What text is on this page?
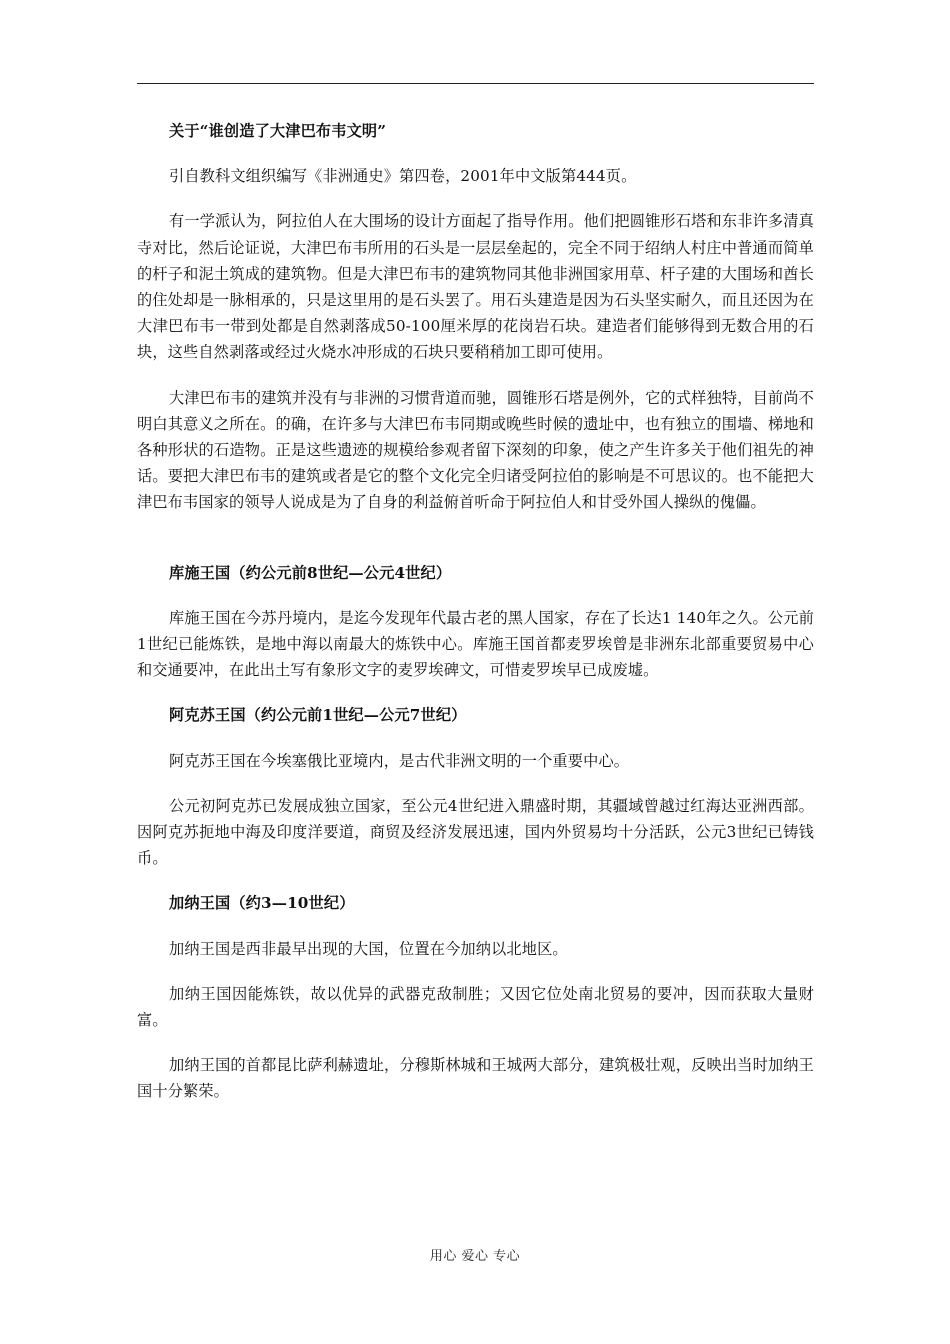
关于“谁创造了大津巴布韦文明”
引自教科文组织编写《非洲通史》第四卷，2001年中文版第444页。
有一学派认为，阿拉伯人在大围场的设计方面起了指导作用。他们把圆锥形石塔和东非许多清真寺对比，然后论证说，大津巴布韦所用的石头是一层层垒起的，完全不同于绍纳人村庄中普通而简单的杆子和泥土筑成的建筑物。但是大津巴布韦的建筑物同其他非洲国家用草、杆子建的大围场和酋长的住处却是一脉相承的，只是这里用的是石头罢了。用石头建造是因为石头坚实耐久，而且还因为在大津巴布韦一带到处都是自然剥落成50-100厘米厚的花岗岩石块。建造者们能够得到无数合用的石块，这些自然剥落或经过火烧水冲形成的石块只要稍稍加工即可使用。
大津巴布韦的建筑并没有与非洲的习惯背道而驰，圆锥形石塔是例外，它的式样独特，目前尚不明白其意义之所在。的确，在许多与大津巴布韦同期或晚些时候的遗址中，也有独立的围墙、梯地和各种形状的石造物。正是这些遗迹的规模给参观者留下深刻的印象，使之产生许多关于他们祖先的神话。要把大津巴布韦的建筑或者是它的整个文化完全归诸受阿拉伯的影响是不可思议的。也不能把大津巴布韦国家的领导人说成是为了自身的利益俯首听命于阿拉伯人和甘受外国人操纵的傀儡。
库施王国（约公元前8世纪—公元4世纪）
库施王国在今苏丹境内，是迄今发现年代最古老的黑人国家，存在了长达1 140年之久。公元前1世纪已能炼铁，是地中海以南最大的炼铁中心。库施王国首都麦罗埃曾是非洲东北部重要贸易中心和交通要冲，在此出土写有象形文字的麦罗埃碑文，可惜麦罗埃早已成废墟。
阿克苏王国（约公元前1世纪—公元7世纪）
阿克苏王国在今埃塞俄比亚境内，是古代非洲文明的一个重要中心。
公元初阿克苏已发展成独立国家，至公元4世纪进入鼎盛时期，其疆域曾越过红海达亚洲西部。因阿克苏扼地中海及印度洋要道，商贸及经济发展迅速，国内外贸易均十分活跃，公元3世纪已铸钱币。
加纳王国（约3—10世纪）
加纳王国是西非最早出现的大国，位置在今加纳以北地区。
加纳王国因能炼铁，故以优异的武器克敌制胜；又因它位处南北贸易的要冲，因而获取大量财富。
加纳王国的首都昆比萨利赫遗址，分穆斯林城和王城两大部分，建筑极壮观，反映出当时加纳王国十分繁荣。
用心 爱心 专心
